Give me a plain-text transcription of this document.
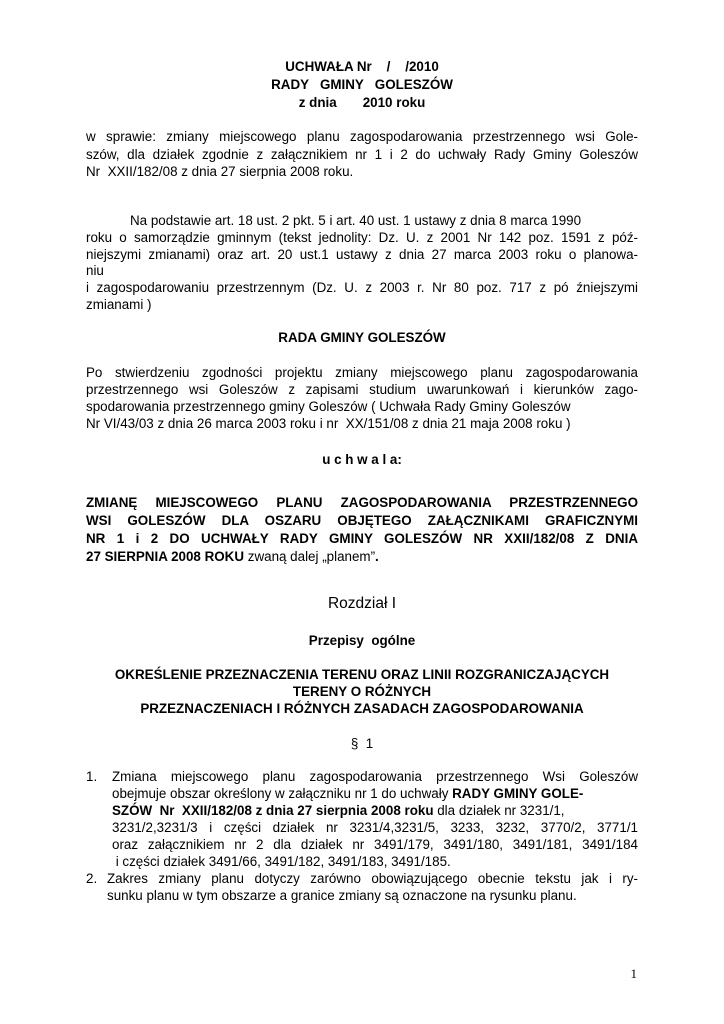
UCHWAŁA Nr    /    /2010
RADY   GMINY   GOLESZÓW
z dnia       2010 roku
w sprawie: zmiany miejscowego planu zagospodarowania przestrzennego wsi Gole-
szów, dla działek zgodnie z załącznikiem nr 1 i 2 do uchwały Rady Gminy Goleszów
Nr  XXII/182/08 z dnia 27 sierpnia 2008 roku.
Na podstawie art. 18 ust. 2 pkt. 5 i art. 40 ust. 1 ustawy z dnia 8 marca 1990
roku o samorządzie gminnym (tekst jednolity: Dz. U. z 2001 Nr 142 poz. 1591 z póź-
niejszymi zmianami) oraz art. 20 ust.1 ustawy z dnia 27 marca 2003 roku o planowa-
niu
i zagospodarowaniu przestrzennym (Dz. U. z 2003 r. Nr 80 poz. 717 z pó źniejszymi
zmianami )
RADA GMINY GOLESZÓW
Po stwierdzeniu zgodności projektu zmiany miejscowego planu zagospodarowania
przestrzennego wsi Goleszów z zapisami studium uwarunkowań i kierunków zago-
spodarowania przestrzennego gminy Goleszów ( Uchwała Rady Gminy Goleszów
Nr VI/43/03 z dnia 26 marca 2003 roku i nr  XX/151/08 z dnia 21 maja 2008 roku )
u c h w a l a:
ZMIANĘ MIEJSCOWEGO PLANU ZAGOSPODAROWANIA PRZESTRZENNEGO
WSI GOLESZÓW DLA OSZARU OBJĘTEGO ZAŁĄCZNIKAMI GRAFICZNYMI
NR 1 i 2 DO UCHWAŁY RADY GMINY GOLESZÓW NR XXII/182/08 Z DNIA
27 SIERPNIA 2008 ROKU zwaną dalej „planem”.
Rozdział I
Przepisy  ogólne
OKREŚLENIE PRZEZNACZENIA TERENU ORAZ LINII ROZGRANICZAJĄCYCH
TERENY O RÓŻNYCH
PRZEZNACZENIACH I RÓŻNYCH ZASADACH ZAGOSPODAROWANIA
§  1
1. Zmiana miejscowego planu zagospodarowania przestrzennego Wsi Goleszów
obejmuje obszar określony w załączniku nr 1 do uchwały RADY GMINY GOLE-
SZÓW  Nr  XXII/182/08 z dnia 27 sierpnia 2008 roku dla działek nr 3231/1,
3231/2,3231/3 i części działek nr 3231/4,3231/5, 3233, 3232, 3770/2, 3771/1
oraz załącznikiem nr 2 dla działek nr 3491/179, 3491/180, 3491/181, 3491/184
i części działek 3491/66, 3491/182, 3491/183, 3491/185.
2. Zakres zmiany planu dotyczy zarówno obowiązującego obecnie tekstu jak i ry-
sunku planu w tym obszarze a granice zmiany są oznaczone na rysunku planu.
1
